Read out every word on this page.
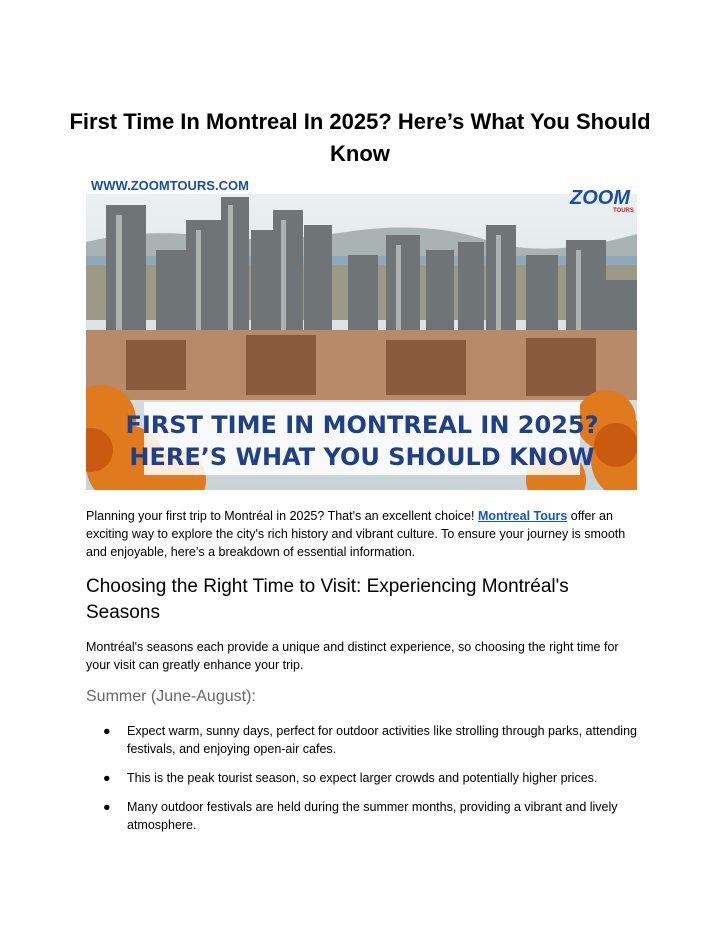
First Time In Montreal In 2025? Here’s What You Should Know
WWW.ZOOMTOURS.COM
ZOOM
TOURS
FIRST TIME IN MONTREAL IN 2025?
HERE’S WHAT YOU SHOULD KNOW

Planning your first trip to Montréal in 2025? That's an excellent choice! Montreal Tours offer an exciting way to explore the city's rich history and vibrant culture. To ensure your journey is smooth and enjoyable, here’s a breakdown of essential information.

Choosing the Right Time to Visit: Experiencing Montréal's Seasons

Montréal's seasons each provide a unique and distinct experience, so choosing the right time for your visit can greatly enhance your trip.

Summer (June-August):
● Expect warm, sunny days, perfect for outdoor activities like strolling through parks, attending festivals, and enjoying open-air cafes.
● This is the peak tourist season, so expect larger crowds and potentially higher prices.
● Many outdoor festivals are held during the summer months, providing a vibrant and lively atmosphere.
